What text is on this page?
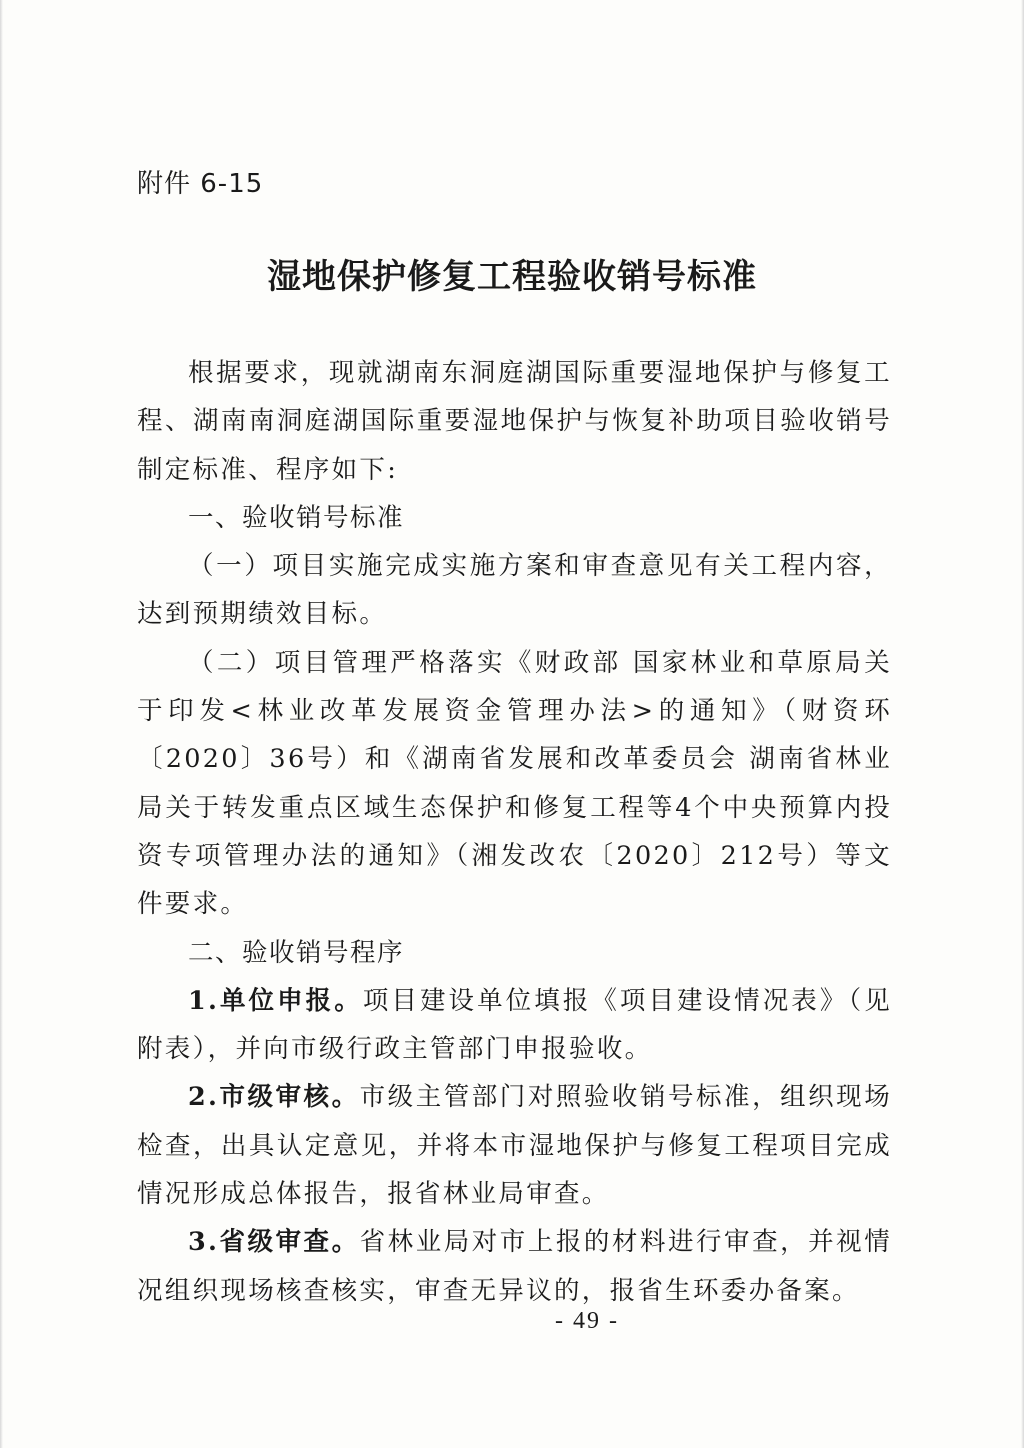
附件 6-15
湿地保护修复工程验收销号标准

根据要求，现就湖南东洞庭湖国际重要湿地保护与修复工程、湖南南洞庭湖国际重要湿地保护与恢复补助项目验收销号制定标准、程序如下:

一、验收销号标准

（一）项目实施完成实施方案和审查意见有关工程内容，达到预期绩效目标。

（二）项目管理严格落实《财政部 国家林业和草原局关于印发<林业改革发展资金管理办法>的通知》（财资环〔2020〕36号）和《湖南省发展和改革委员会 湖南省林业局关于转发重点区域生态保护和修复工程等4个中央预算内投资专项管理办法的通知》（湘发改农〔2020〕212号）等文件要求。

二、验收销号程序

1.单位申报。项目建设单位填报《项目建设情况表》（见附表），并向市级行政主管部门申报验收。

2.市级审核。市级主管部门对照验收销号标准，组织现场检查，出具认定意见，并将本市湿地保护与修复工程项目完成情况形成总体报告，报省林业局审查。

3.省级审查。省林业局对市上报的材料进行审查，并视情况组织现场核查核实，审查无异议的，报省生环委办备案。

- 49 -
